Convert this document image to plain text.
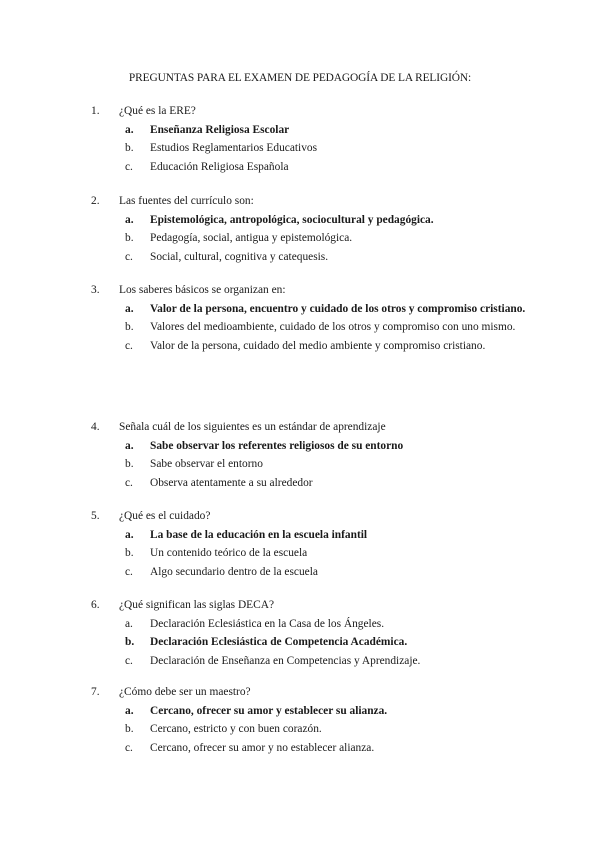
PREGUNTAS PARA EL EXAMEN DE PEDAGOGÍA DE LA RELIGIÓN:
1.	¿Qué es la ERE?
a.	Enseñanza Religiosa Escolar
b.	Estudios Reglamentarios Educativos
c.	Educación Religiosa Española
2.	Las fuentes del currículo son:
a.	Epistemológica, antropológica, sociocultural y pedagógica.
b.	Pedagogía, social, antigua y epistemológica.
c.	Social, cultural, cognitiva y catequesis.
3.	Los saberes básicos se organizan en:
a.	Valor de la persona, encuentro y cuidado de los otros y compromiso cristiano.
b.	Valores del medioambiente, cuidado de los otros y compromiso con uno mismo.
c.	Valor de la persona, cuidado del medio ambiente y compromiso cristiano.
4.	Señala cuál de los siguientes es un estándar de aprendizaje
a.	Sabe observar los referentes religiosos de su entorno
b.	Sabe observar el entorno
c.	Observa atentamente a su alrededor
5.	¿Qué es el cuidado?
a.	La base de la educación en la escuela infantil
b.	Un contenido teórico de la escuela
c.	Algo secundario dentro de la escuela
6.	¿Qué significan las siglas DECA?
a.	Declaración Eclesiástica en la Casa de los Ángeles.
b.	Declaración Eclesiástica de Competencia Académica.
c.	Declaración de Enseñanza en Competencias y Aprendizaje.
7.	¿Cómo debe ser un maestro?
a.	Cercano, ofrecer su amor y establecer su alianza.
b.	Cercano, estricto y con buen corazón.
c.	Cercano, ofrecer su amor y no establecer alianza.
